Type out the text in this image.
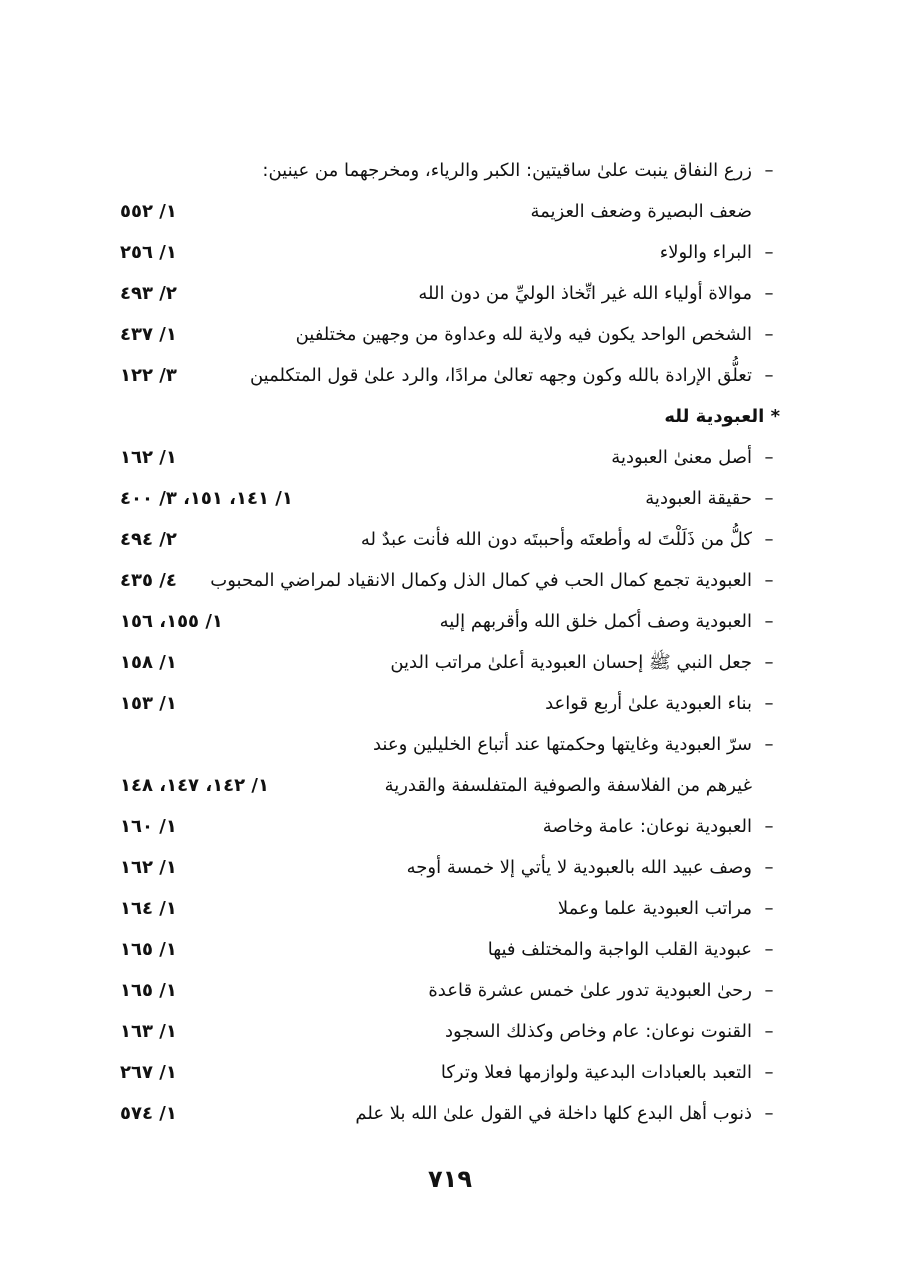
–
زرع النفاق ينبت علىٰ ساقيتين: الكبر والرياء، ومخرجهما من عينين:
ضعف البصيرة وضعف العزيمة
١/ ٥٥٢
–
البراء والولاء
١/ ٢٥٦
–
موالاة أولياء الله غير اتِّخاذ الوليِّ من دون الله
٢/ ٤٩٣
–
الشخص الواحد يكون فيه ولاية لله وعداوة من وجهين مختلفين
١/ ٤٣٧
–
تعلُّق الإرادة بالله وكون وجهه تعالىٰ مرادًا، والرد علىٰ قول المتكلمين
٣/ ١٢٢
* العبودية لله
–
أصل معنىٰ العبودية
١/ ١٦٢
–
حقيقة العبودية
١/ ١٤١، ١٥١، ٣/ ٤٠٠
–
كلُّ من ذَلَلْتَ له وأطعتَه وأحببتَه دون الله فأنت عبدٌ له
٢/ ٤٩٤
–
العبودية تجمع كمال الحب في كمال الذل وكمال الانقياد لمراضي المحبوب
٤/ ٤٣٥
–
العبودية وصف أكمل خلق الله وأقربهم إليه
١/ ١٥٥، ١٥٦
–
جعل النبي ﷺ إحسان العبودية أعلىٰ مراتب الدين
١/ ١٥٨
–
بناء العبودية علىٰ أربع قواعد
١/ ١٥٣
–
سرّ العبودية وغايتها وحكمتها عند أتباع الخليلين وعند
غيرهم من الفلاسفة والصوفية المتفلسفة والقدرية
١/ ١٤٢، ١٤٧، ١٤٨
–
العبودية نوعان: عامة وخاصة
١/ ١٦٠
–
وصف عبيد الله بالعبودية لا يأتي إلا خمسة أوجه
١/ ١٦٢
–
مراتب العبودية علما وعملا
١/ ١٦٤
–
عبودية القلب الواجبة والمختلف فيها
١/ ١٦٥
–
رحىٰ العبودية تدور علىٰ خمس عشرة قاعدة
١/ ١٦٥
–
القنوت نوعان: عام وخاص وكذلك السجود
١/ ١٦٣
–
التعبد بالعبادات البدعية ولوازمها فعلا وتركا
١/ ٢٦٧
–
ذنوب أهل البدع كلها داخلة في القول علىٰ الله بلا علم
١/ ٥٧٤
٧١٩
